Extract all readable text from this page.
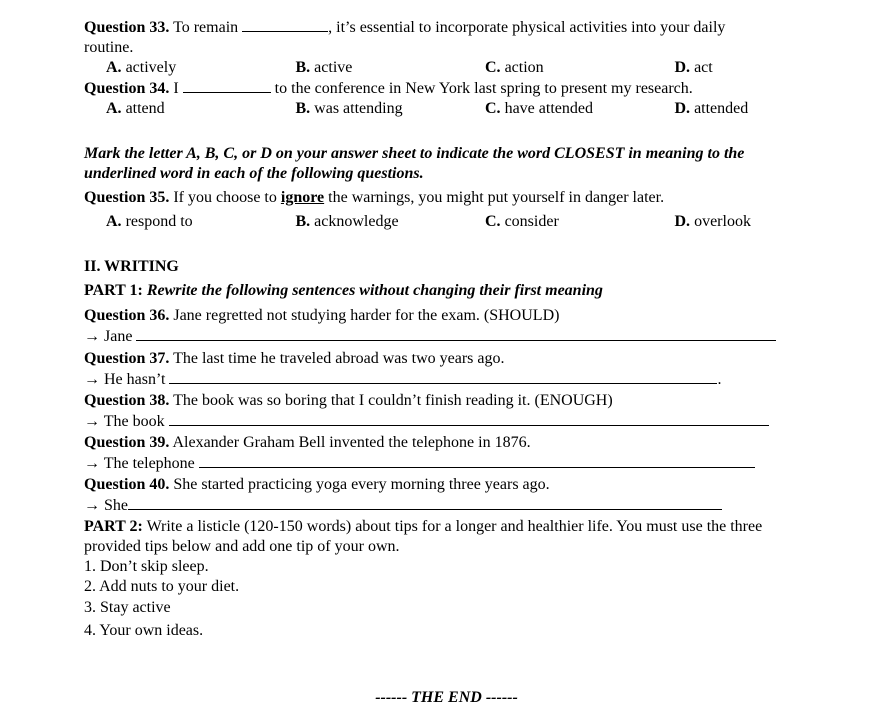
Question 33. To remain	, it’s essential to incorporate physical activities into your daily
routine.
A. actively	B. active	C. action	D. act
Question 34. I	to the conference in New York last spring to present my research.
A. attend	B. was attending	C. have attended	D. attended
Mark the letter A, B, C, or D on your answer sheet to indicate the word CLOSEST in meaning to the
underlined word in each of the following questions.
Question 35. If you choose to ignore the warnings, you might put yourself in danger later.
A. respond to	B. acknowledge	C. consider	D. overlook
II. WRITING
PART 1: Rewrite the following sentences without changing their first meaning
Question 36. Jane regretted not studying harder for the exam. (SHOULD)
→ Jane
Question 37. The last time he traveled abroad was two years ago.
→ He hasn’t	.
Question 38. The book was so boring that I couldn’t finish reading it. (ENOUGH)
→ The book
Question 39. Alexander Graham Bell invented the telephone in 1876.
→ The telephone
Question 40. She started practicing yoga every morning three years ago.
→ She
PART 2: Write a listicle (120-150 words) about tips for a longer and healthier life. You must use the three
provided tips below and add one tip of your own.
1. Don’t skip sleep.
2. Add nuts to your diet.
3. Stay active
4. Your own ideas.
------ THE END ------
